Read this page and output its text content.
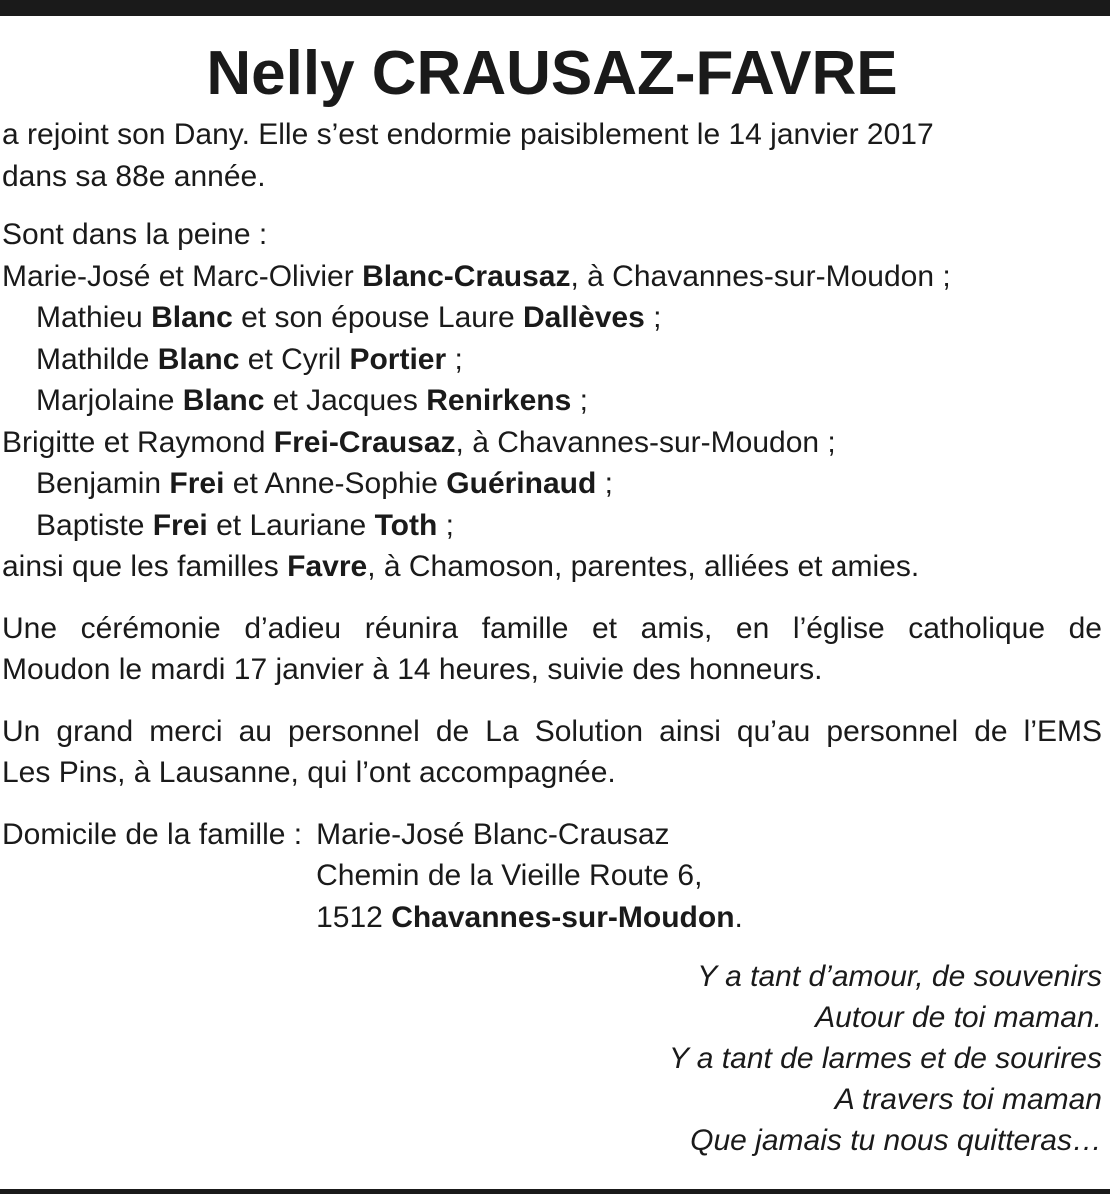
Nelly CRAUSAZ-FAVRE
a rejoint son Dany. Elle s’est endormie paisiblement le 14 janvier 2017
dans sa 88e année.
Sont dans la peine :
Marie-José et Marc-Olivier Blanc-Crausaz, à Chavannes-sur-Moudon ;
Mathieu Blanc et son épouse Laure Dallèves ;
Mathilde Blanc et Cyril Portier ;
Marjolaine Blanc et Jacques Renirkens ;
Brigitte et Raymond Frei-Crausaz, à Chavannes-sur-Moudon ;
Benjamin Frei et Anne-Sophie Guérinaud ;
Baptiste Frei et Lauriane Toth ;
ainsi que les familles Favre, à Chamoson, parentes, alliées et amies.
Une cérémonie d’adieu réunira famille et amis, en l’église catholique de
Moudon le mardi 17 janvier à 14 heures, suivie des honneurs.
Un grand merci au personnel de La Solution ainsi qu’au personnel de l’EMS
Les Pins, à Lausanne, qui l’ont accompagnée.
Domicile de la famille : Marie-José Blanc-Crausaz
Chemin de la Vieille Route 6,
1512 Chavannes-sur-Moudon.
Y a tant d’amour, de souvenirs
Autour de toi maman.
Y a tant de larmes et de sourires
A travers toi maman
Que jamais tu nous quitteras…
